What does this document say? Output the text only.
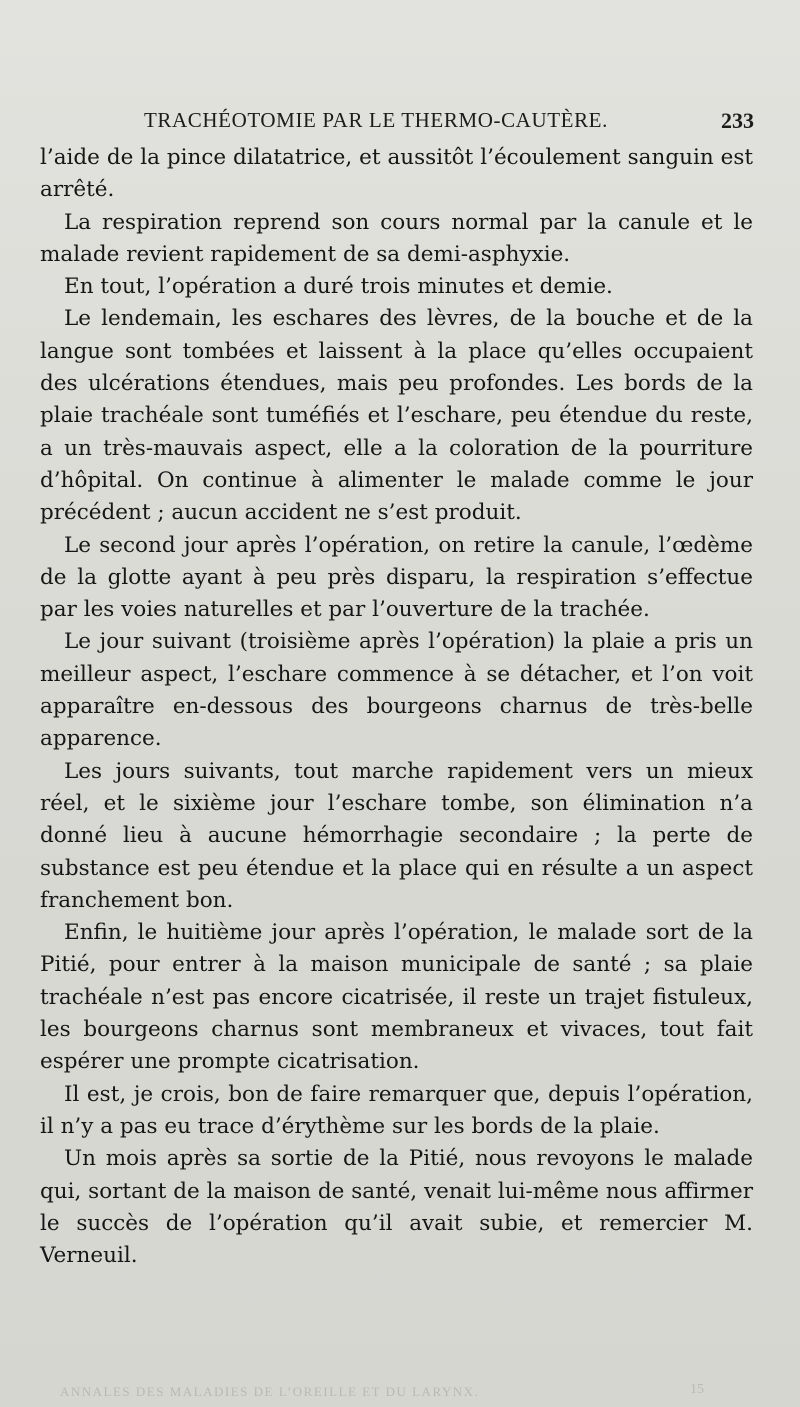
TRACHÉOTOMIE PAR LE THERMO-CAUTÈRE.	233

l’aide de la pince dilatatrice, et aussitôt l’écoulement sanguin est arrêté.

La respiration reprend son cours normal par la canule et le malade revient rapidement de sa demi-asphyxie.

En tout, l’opération a duré trois minutes et demie.

Le lendemain, les eschares des lèvres, de la bouche et de la langue sont tombées et laissent à la place qu’elles occupaient des ulcérations étendues, mais peu profondes. Les bords de la plaie trachéale sont tuméfiés et l’eschare, peu étendue du reste, a un très-mauvais aspect, elle a la coloration de la pourriture d’hôpital. On continue à alimenter le malade comme le jour précédent ; aucun accident ne s’est produit.

Le second jour après l’opération, on retire la canule, l’œdème de la glotte ayant à peu près disparu, la respiration s’effectue par les voies naturelles et par l’ouverture de la trachée.

Le jour suivant (troisième après l’opération) la plaie a pris un meilleur aspect, l’eschare commence à se détacher, et l’on voit apparaître en-dessous des bourgeons charnus de très-belle apparence.

Les jours suivants, tout marche rapidement vers un mieux réel, et le sixième jour l’eschare tombe, son élimination n’a donné lieu à aucune hémorrhagie secondaire ; la perte de substance est peu étendue et la place qui en résulte a un aspect franchement bon.

Enfin, le huitième jour après l’opération, le malade sort de la Pitié, pour entrer à la maison municipale de santé ; sa plaie trachéale n’est pas encore cicatrisée, il reste un trajet fistuleux, les bourgeons charnus sont membraneux et vivaces, tout fait espérer une prompte cicatrisation.

Il est, je crois, bon de faire remarquer que, depuis l’opération, il n’y a pas eu trace d’érythème sur les bords de la plaie.

Un mois après sa sortie de la Pitié, nous revoyons le malade qui, sortant de la maison de santé, venait lui-même nous affirmer le succès de l’opération qu’il avait subie, et remercier M. Verneuil.

ANNALES DES MALADIES DE L’OREILLE ET DU LARYNX.	15
